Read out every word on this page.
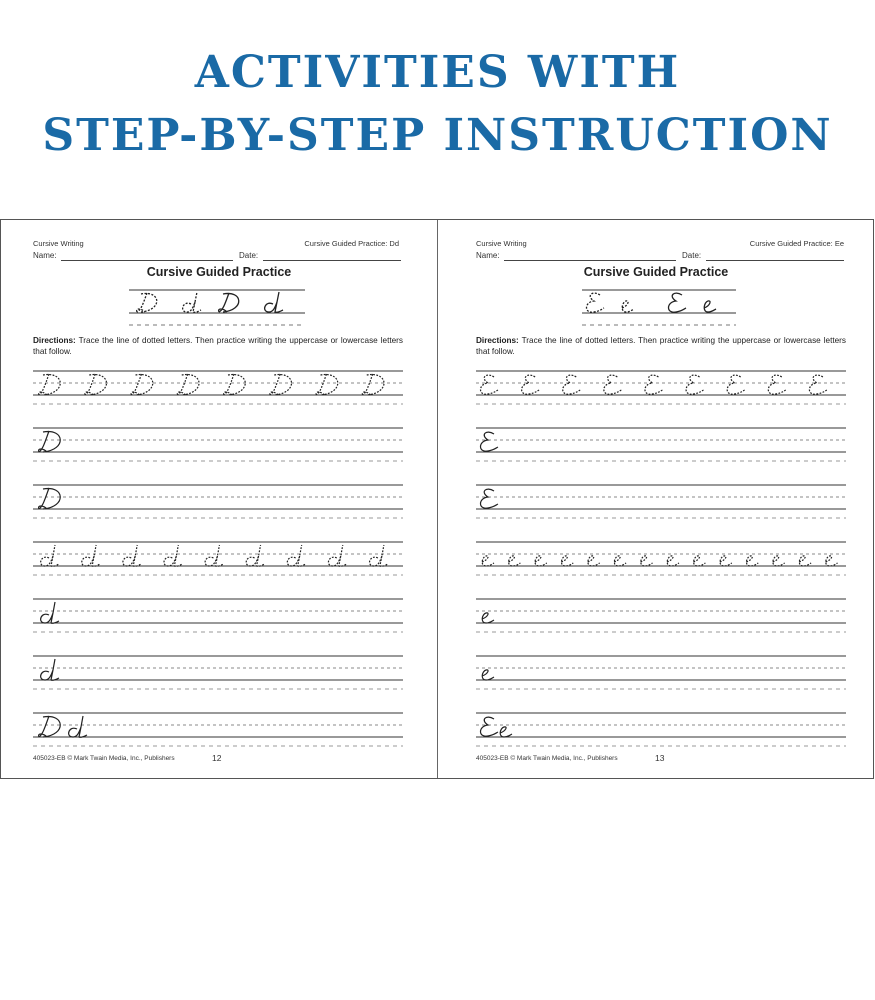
ACTIVITIES WITH
STEP-BY-STEP INSTRUCTION
Cursive Writing	Cursive Guided Practice: Dd
Name:	Date:
Cursive Guided Practice
Directions: Trace the line of dotted letters. Then practice writing the uppercase or lowercase letters that follow.
405023-EB © Mark Twain Media, Inc., Publishers	12
Cursive Writing	Cursive Guided Practice: Ee
Name:	Date:
Cursive Guided Practice
Directions: Trace the line of dotted letters. Then practice writing the uppercase or lowercase letters that follow.
405023-EB © Mark Twain Media, Inc., Publishers	13
